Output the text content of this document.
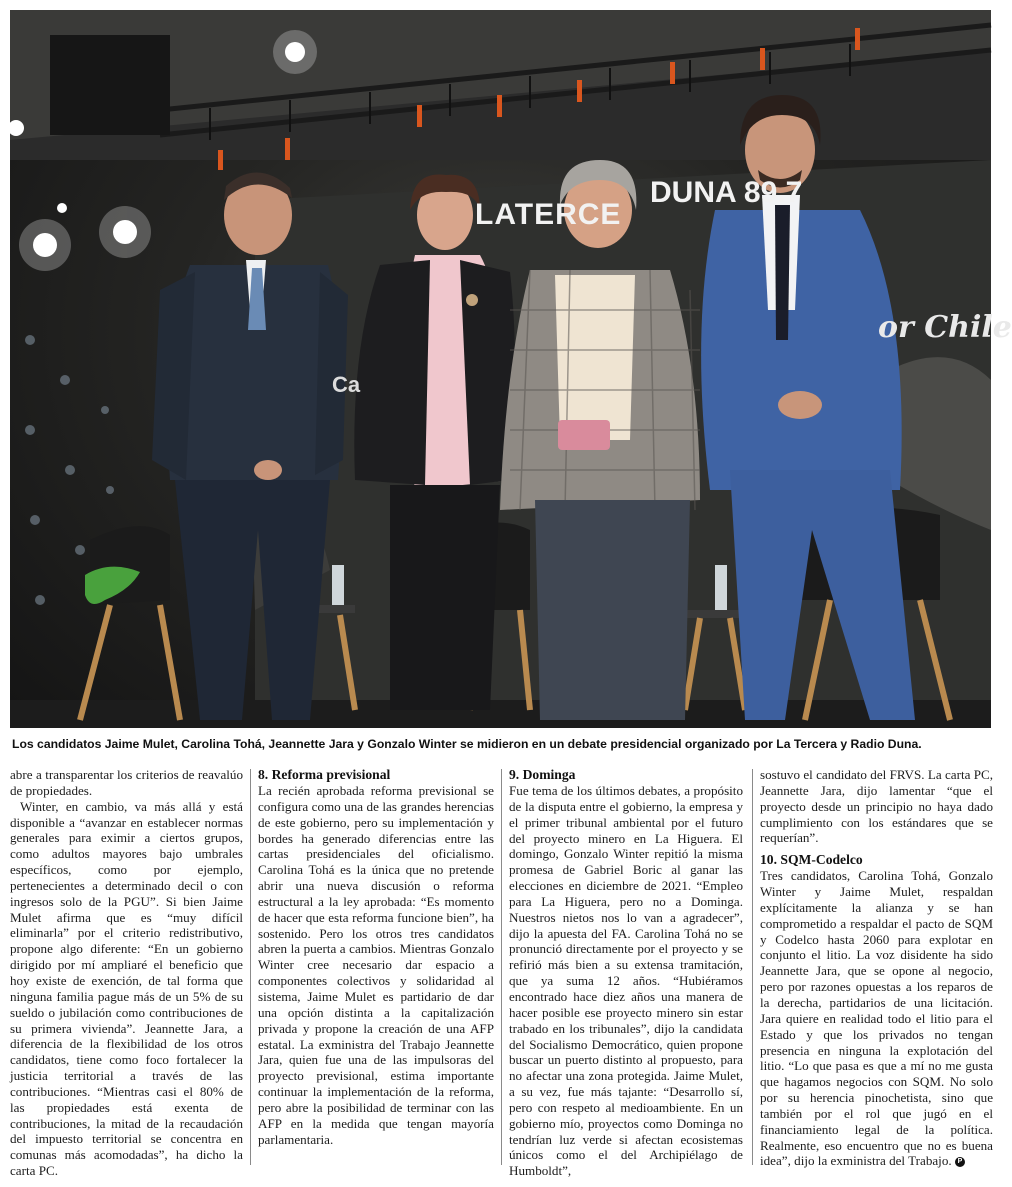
LATERCE
DUNA 89.7
or Chile
Ca
Los candidatos Jaime Mulet, Carolina Tohá, Jeannette Jara y Gonzalo Winter se midieron en un debate presidencial organizado por La Tercera y Radio Duna.

abre a transparentar los criterios de reavalúo de propiedades.

Winter, en cambio, va más allá y está disponible a “avanzar en establecer normas generales para eximir a ciertos grupos, como adultos mayores bajo umbrales específicos, como por ejemplo, pertenecientes a determinado decil o con ingresos solo de la PGU”. Si bien Jaime Mulet afirma que es “muy difícil eliminarla” por el criterio redistributivo, propone algo diferente: “En un gobierno dirigido por mí ampliaré el beneficio que hoy existe de exención, de tal forma que ninguna familia pague más de un 5% de su sueldo o jubilación como contribuciones de su primera vivienda”. Jeannette Jara, a diferencia de la flexibilidad de los otros candidatos, tiene como foco fortalecer la justicia territorial a través de las contribuciones. “Mientras casi el 80% de las propiedades está exenta de contribuciones, la mitad de la recaudación del impuesto territorial se concentra en comunas más acomodadas”, ha dicho la carta PC.

8. Reforma previsional

La recién aprobada reforma previsional se configura como una de las grandes herencias de este gobierno, pero su implementación y bordes ha generado diferencias entre las cartas presidenciales del oficialismo. Carolina Tohá es la única que no pretende abrir una nueva discusión o reforma estructural a la ley aprobada: “Es momento de hacer que esta reforma funcione bien”, ha sostenido. Pero los otros tres candidatos abren la puerta a cambios. Mientras Gonzalo Winter cree necesario dar espacio a componentes colectivos y solidaridad al sistema, Jaime Mulet es partidario de dar una opción distinta a la capitalización privada y propone la creación de una AFP estatal. La exministra del Trabajo Jeannette Jara, quien fue una de las impulsoras del proyecto previsional, estima importante continuar la implementación de la reforma, pero abre la posibilidad de terminar con las AFP en la medida que tengan mayoría parlamentaria.

9. Dominga

Fue tema de los últimos debates, a propósito de la disputa entre el gobierno, la empresa y el primer tribunal ambiental por el futuro del proyecto minero en La Higuera. El domingo, Gonzalo Winter repitió la misma promesa de Gabriel Boric al ganar las elecciones en diciembre de 2021. “Empleo para La Higuera, pero no a Dominga. Nuestros nietos nos lo van a agradecer”, dijo la apuesta del FA. Carolina Tohá no se pronunció directamente por el proyecto y se refirió más bien a su extensa tramitación, que ya suma 12 años. “Hubiéramos encontrado hace diez años una manera de hacer posible ese proyecto minero sin estar trabado en los tribunales”, dijo la candidata del Socialismo Democrático, quien propone buscar un puerto distinto al propuesto, para no afectar una zona protegida. Jaime Mulet, a su vez, fue más tajante: “Desarrollo sí, pero con respeto al medioambiente. En un gobierno mío, proyectos como Dominga no tendrían luz verde si afectan ecosistemas únicos como el del Archipiélago de Humboldt”,

sostuvo el candidato del FRVS. La carta PC, Jeannette Jara, dijo lamentar “que el proyecto desde un principio no haya dado cumplimiento con los estándares que se requerían”.

10. SQM-Codelco

Tres candidatos, Carolina Tohá, Gonzalo Winter y Jaime Mulet, respaldan explícitamente la alianza y se han comprometido a respaldar el pacto de SQM y Codelco hasta 2060 para explotar en conjunto el litio. La voz disidente ha sido Jeannette Jara, que se opone al negocio, pero por razones opuestas a los reparos de la derecha, partidarios de una licitación. Jara quiere en realidad todo el litio para el Estado y que los privados no tengan presencia en ninguna la explotación del litio. “Lo que pasa es que a mí no me gusta que hagamos negocios con SQM. No solo por su herencia pinochetista, sino que también por el rol que jugó en el financiamiento legal de la política. Realmente, eso encuentro que no es buena idea”, dijo la exministra del Trabajo. P
